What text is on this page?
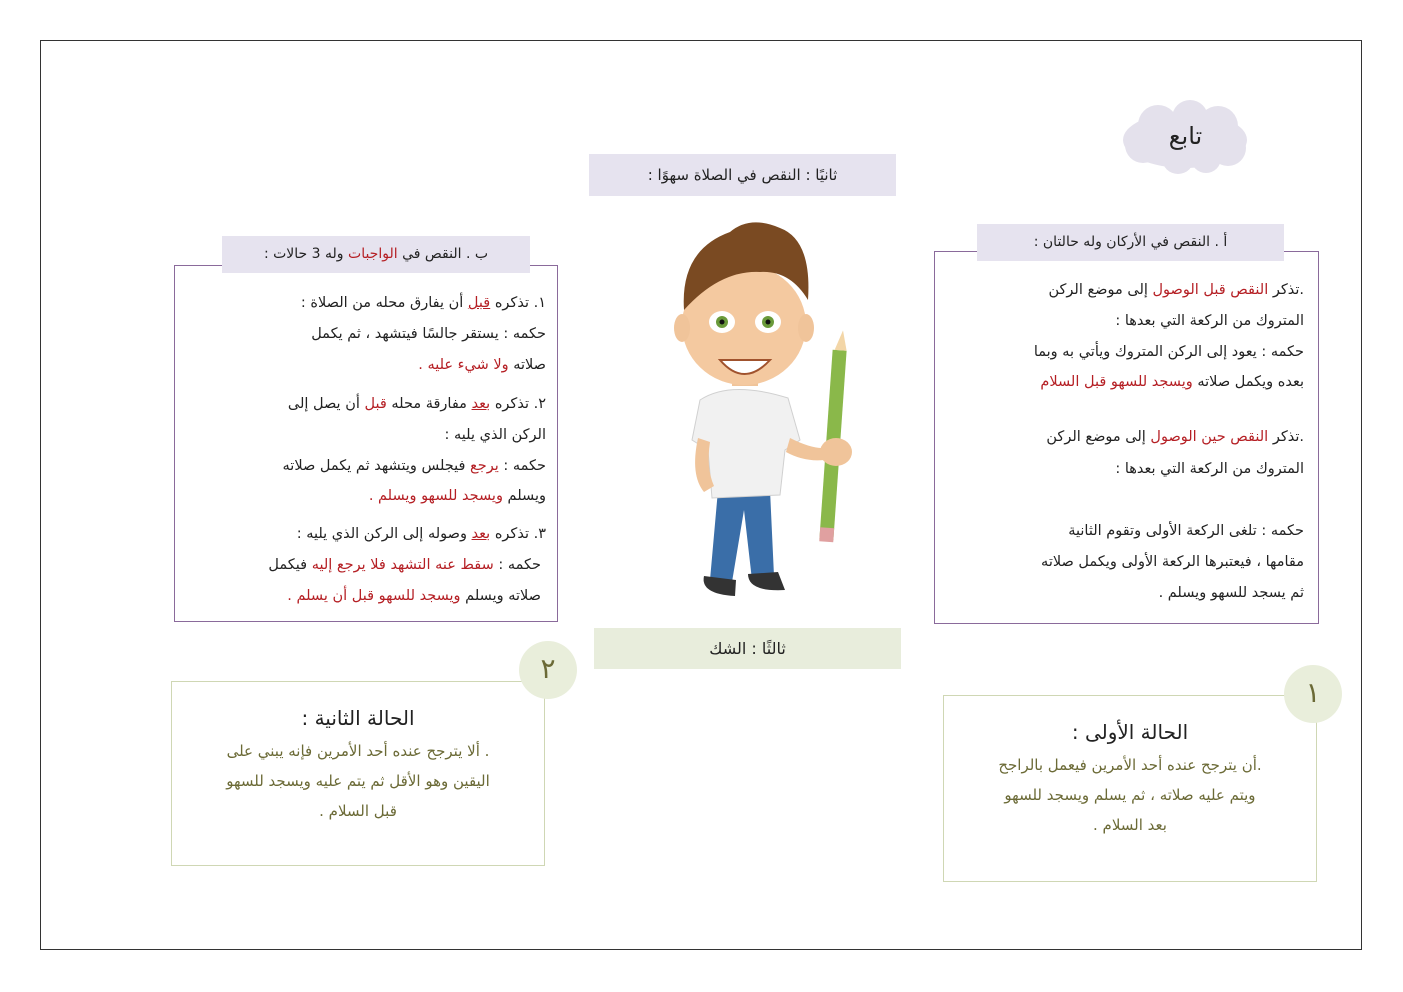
تابع
ثانيًا : النقص في الصلاة سهوًا :
أ . النقص في الأركان وله حالتان :
.تذكر النقص قبل الوصول إلى موضع الركن
المتروك من الركعة التي بعدها :
حكمه : يعود إلى الركن المتروك ويأتي به وبما
بعده ويكمل صلاته ويسجد للسهو قبل السلام
.تذكر النقص حين الوصول إلى موضع الركن
المتروك من الركعة التي بعدها :
حكمه : تلغى الركعة الأولى وتقوم الثانية
مقامها ، فيعتبرها الركعة الأولى ويكمل صلاته
ثم يسجد للسهو ويسلم .
ب . النقص في الواجبات وله 3 حالات :
١. تذكره قبل أن يفارق محله من الصلاة :
حكمه : يستقر جالسًا فيتشهد ، ثم يكمل
صلاته ولا شيء عليه .
٢. تذكره بعد مفارقة محله قبل أن يصل إلى
الركن الذي يليه :
حكمه : يرجع فيجلس ويتشهد ثم يكمل صلاته
ويسلم ويسجد للسهو ويسلم .
٣. تذكره بعد وصوله إلى الركن الذي يليه :
حكمه : سقط عنه التشهد فلا يرجع إليه فيكمل
صلاته ويسلم ويسجد للسهو قبل أن يسلم .
ثالثًا : الشك
الحالة الأولى :
.أن يترجح عنده أحد الأمرين فيعمل بالراجح
ويتم عليه صلاته ، ثم يسلم ويسجد للسهو
بعد السلام .
١
الحالة الثانية :
. ألا يترجح عنده أحد الأمرين فإنه يبني على
اليقين وهو الأقل ثم يتم عليه ويسجد للسهو
قبل السلام .
٢
